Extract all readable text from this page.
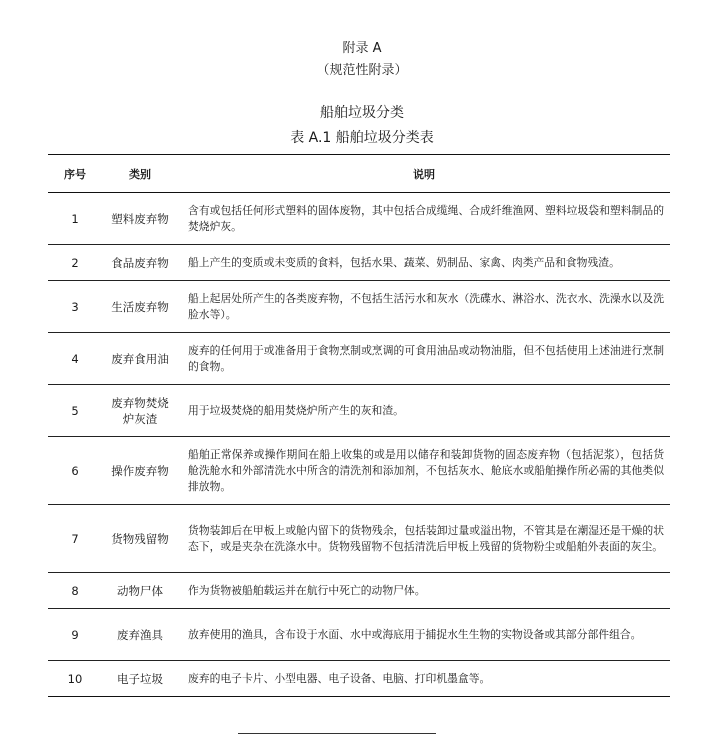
附录 A
（规范性附录）
船舶垃圾分类
表 A.1 船舶垃圾分类表
序号	类别	说明
1	塑料废弃物	含有或包括任何形式塑料的固体废物，其中包括合成缆绳、合成纤维渔网、塑料垃圾袋和塑料制品的焚烧炉灰。
2	食品废弃物	船上产生的变质或未变质的食料，包括水果、蔬菜、奶制品、家禽、肉类产品和食物残渣。
3	生活废弃物	船上起居处所产生的各类废弃物，不包括生活污水和灰水（洗碟水、淋浴水、洗衣水、洗澡水以及洗脸水等）。
4	废弃食用油	废弃的任何用于或准备用于食物烹制或烹调的可食用油品或动物油脂，但不包括使用上述油进行烹制的食物。
5	废弃物焚烧炉灰渣	用于垃圾焚烧的船用焚烧炉所产生的灰和渣。
6	操作废弃物	船舶正常保养或操作期间在船上收集的或是用以储存和装卸货物的固态废弃物（包括泥浆），包括货舱洗舱水和外部清洗水中所含的清洗剂和添加剂，不包括灰水、舱底水或船舶操作所必需的其他类似排放物。
7	货物残留物	货物装卸后在甲板上或舱内留下的货物残余，包括装卸过量或溢出物，不管其是在潮湿还是干燥的状态下，或是夹杂在洗涤水中。货物残留物不包括清洗后甲板上残留的货物粉尘或船舶外表面的灰尘。
8	动物尸体	作为货物被船舶载运并在航行中死亡的动物尸体。
9	废弃渔具	放弃使用的渔具，含布设于水面、水中或海底用于捕捉水生生物的实物设备或其部分部件组合。
10	电子垃圾	废弃的电子卡片、小型电器、电子设备、电脑、打印机墨盒等。
